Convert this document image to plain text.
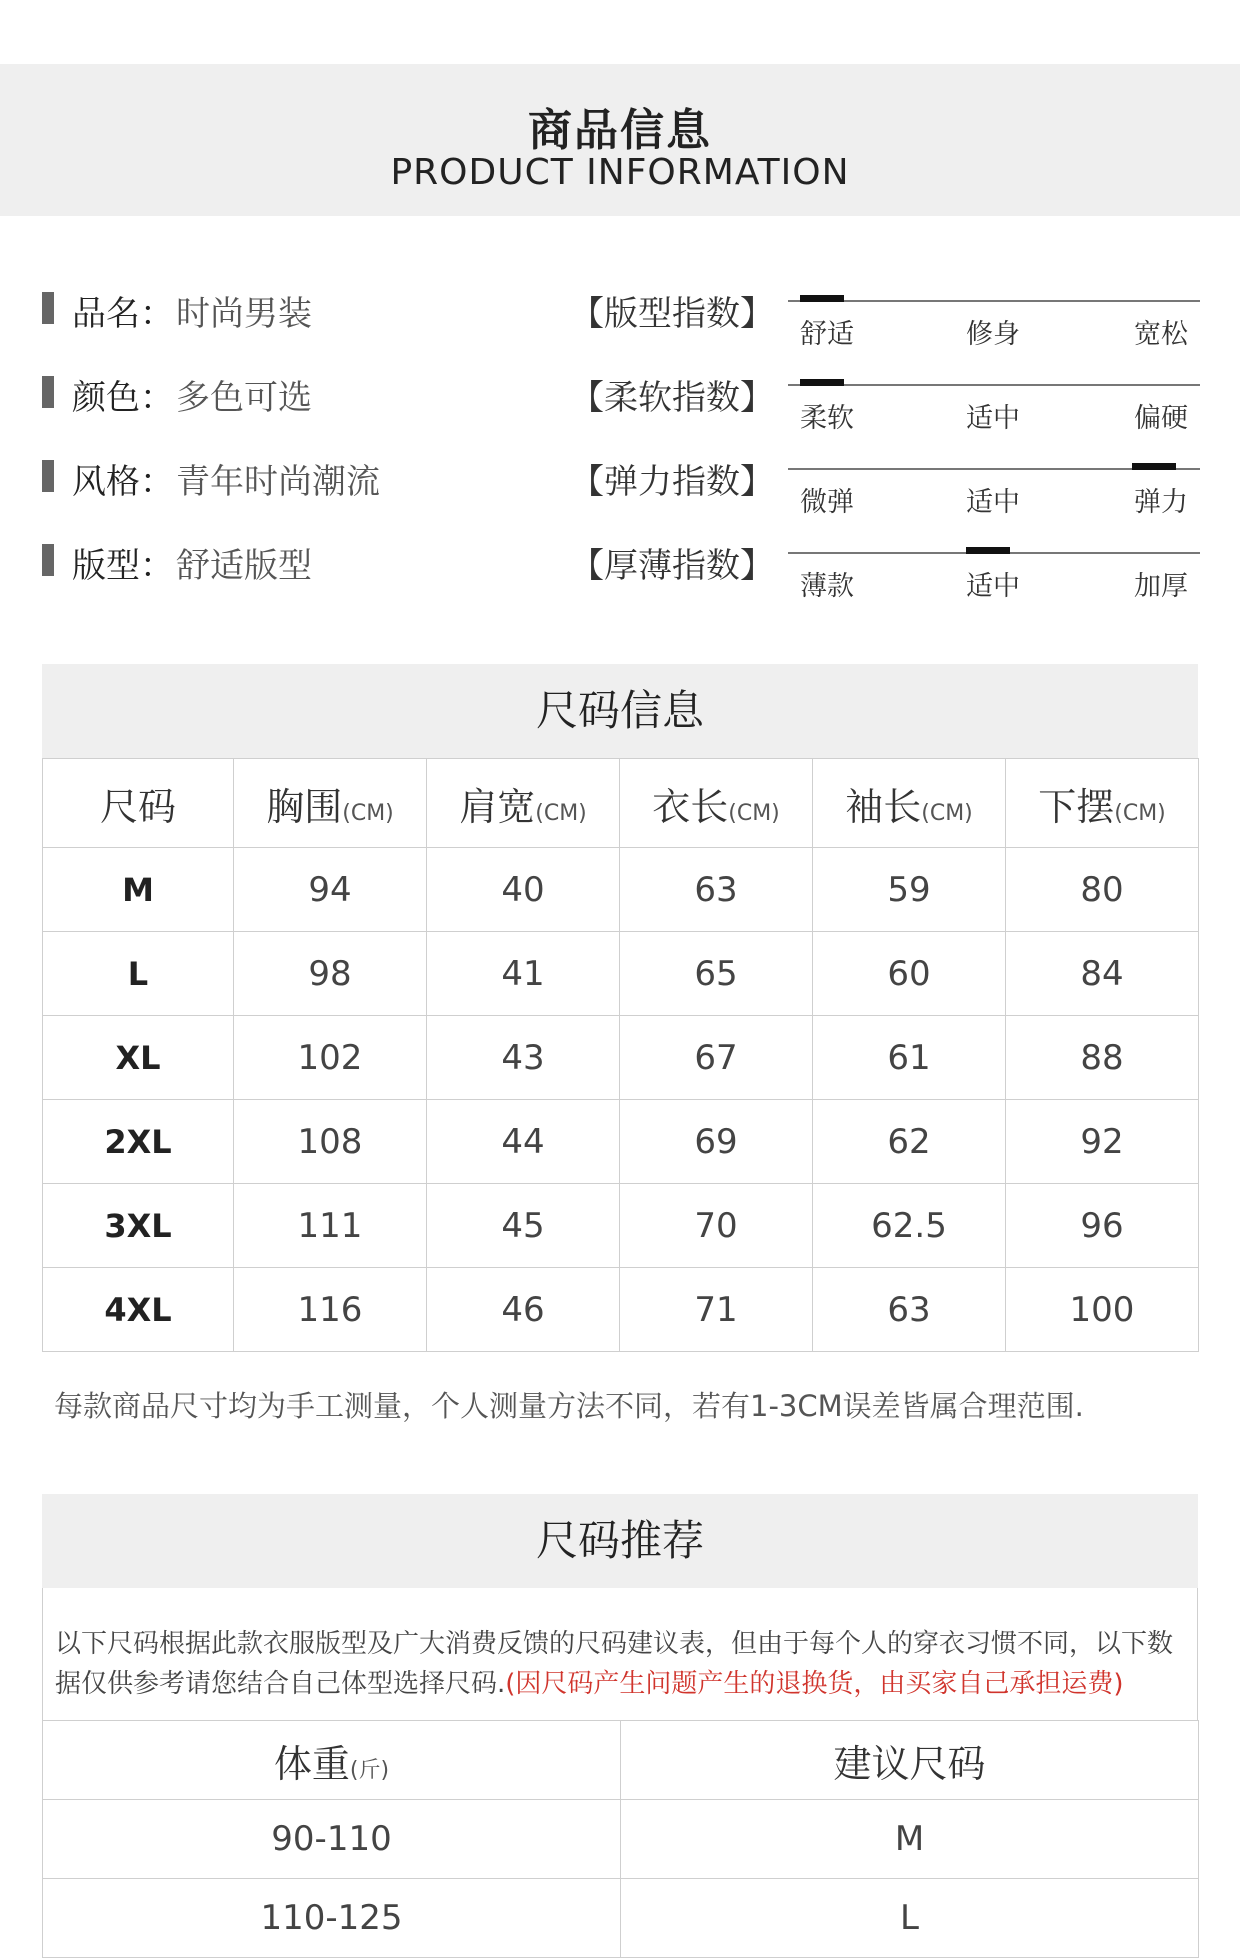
商品信息
PRODUCT INFORMATION
品名： 时尚男装	【版型指数】
舒适	修身	宽松
颜色： 多色可选	【柔软指数】
柔软	适中	偏硬
风格： 青年时尚潮流	【弹力指数】
微弹	适中	弹力
版型： 舒适版型	【厚薄指数】
薄款	适中	加厚
尺码信息
尺码	胸围(CM)	肩宽(CM)	衣长(CM)	袖长(CM)	下摆(CM)
M	94	40	63	59	80
L	98	41	65	60	84
XL	102	43	67	61	88
2XL	108	44	69	62	92
3XL	111	45	70	62.5	96
4XL	116	46	71	63	100
每款商品尺寸均为手工测量，个人测量方法不同，若有1-3CM误差皆属合理范围.
尺码推荐
以下尺码根据此款衣服版型及广大消费反馈的尺码建议表，但由于每个人的穿衣习惯不同，以下数据仅供参考请您结合自己体型选择尺码.(因尺码产生问题产生的退换货，由买家自己承担运费)
体重(斤)	建议尺码
90-110	M
110-125	L
